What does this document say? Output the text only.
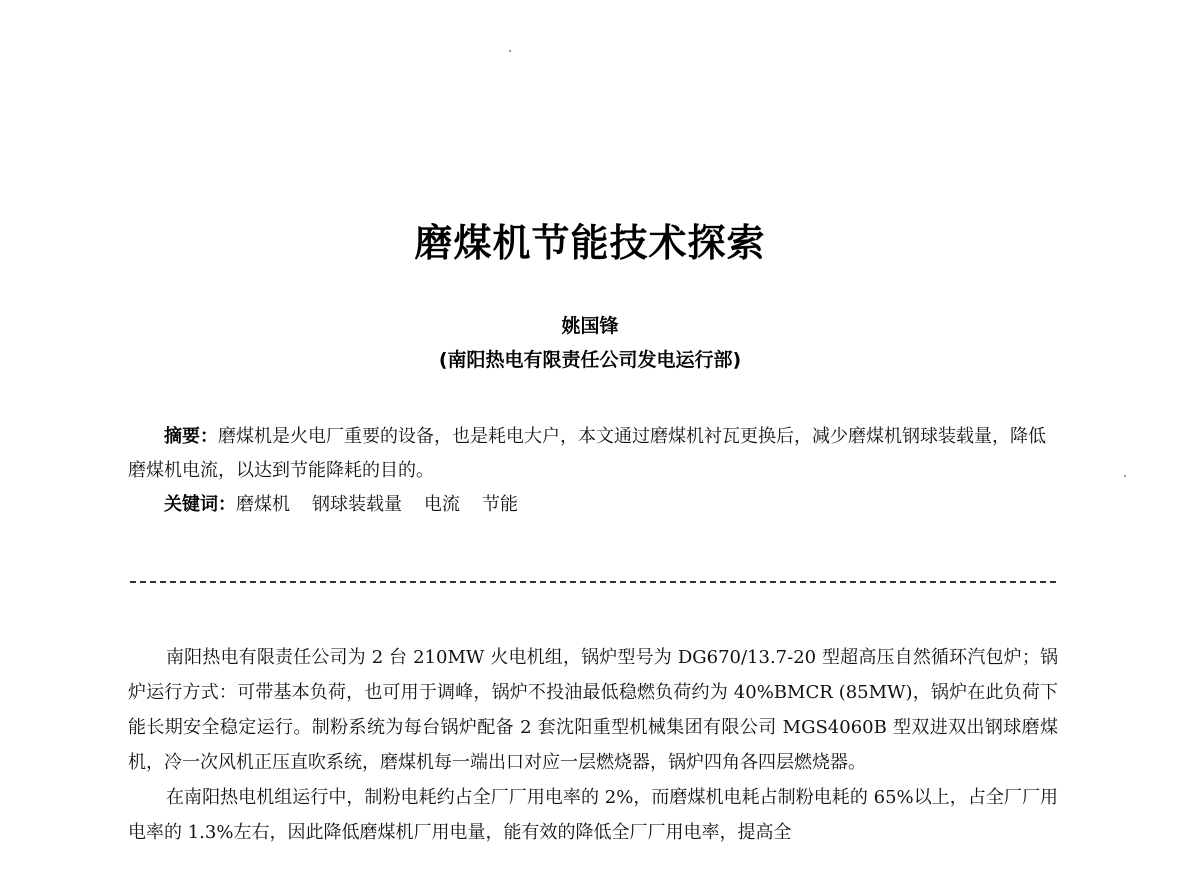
磨煤机节能技术探索
姚国锋
(南阳热电有限责任公司发电运行部)

摘要：磨煤机是火电厂重要的设备，也是耗电大户，本文通过磨煤机衬瓦更换后，减少磨煤机钢球装载量，降低磨煤机电流，以达到节能降耗的目的。

关键词：磨煤机 钢球装载量 电流 节能

南阳热电有限责任公司为 2 台 210MW 火电机组，锅炉型号为 DG670/13.7-20 型超高压自然循环汽包炉；锅炉运行方式：可带基本负荷，也可用于调峰，锅炉不投油最低稳燃负荷约为 40%BMCR (85MW)，锅炉在此负荷下能长期安全稳定运行。制粉系统为每台锅炉配备 2 套沈阳重型机械集团有限公司 MGS4060B 型双进双出钢球磨煤机，冷一次风机正压直吹系统，磨煤机每一端出口对应一层燃烧器，锅炉四角各四层燃烧器。

在南阳热电机组运行中，制粉电耗约占全厂厂用电率的 2%，而磨煤机电耗占制粉电耗的 65%以上，占全厂厂用电率的 1.3%左右，因此降低磨煤机厂用电量，能有效的降低全厂厂用电率，提高全
